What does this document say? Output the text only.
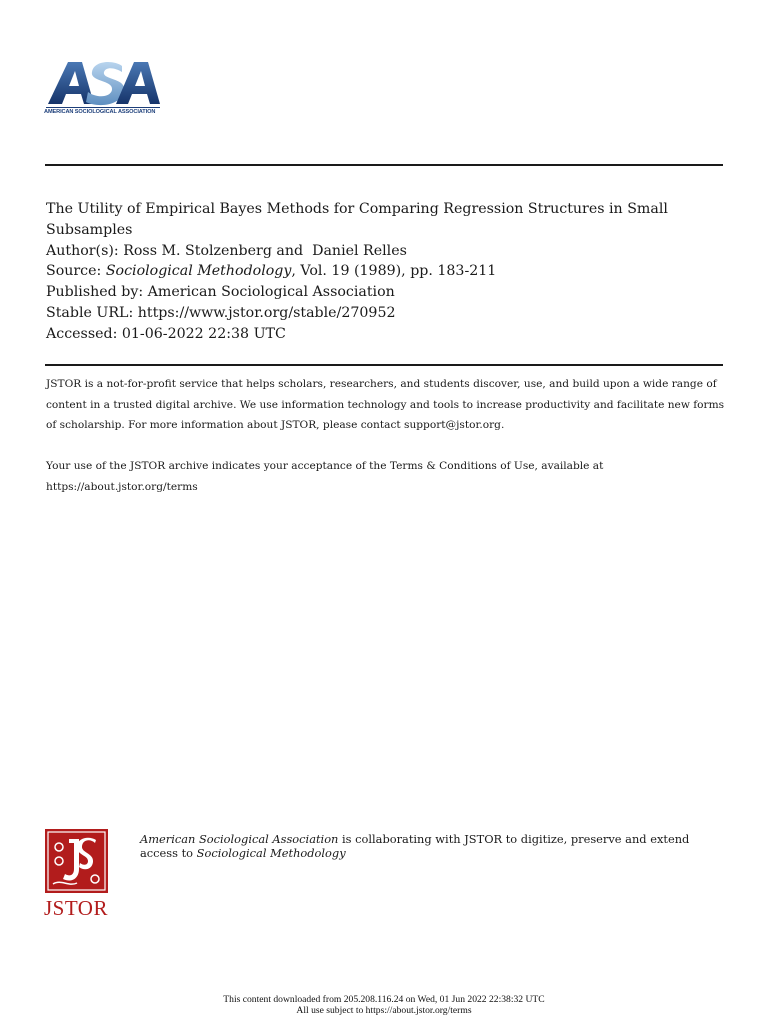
AMERICAN SOCIOLOGICAL ASSOCIATION
The Utility of Empirical Bayes Methods for Comparing Regression Structures in Small Subsamples
Author(s): Ross M. Stolzenberg and  Daniel Relles
Source: Sociological Methodology, Vol. 19 (1989), pp. 183-211
Published by: American Sociological Association
Stable URL: https://www.jstor.org/stable/270952
Accessed: 01-06-2022 22:38 UTC

JSTOR is a not-for-profit service that helps scholars, researchers, and students discover, use, and build upon a wide range of content in a trusted digital archive. We use information technology and tools to increase productivity and facilitate new forms of scholarship. For more information about JSTOR, please contact support@jstor.org.

Your use of the JSTOR archive indicates your acceptance of the Terms & Conditions of Use, available at https://about.jstor.org/terms

JSTOR
American Sociological Association is collaborating with JSTOR to digitize, preserve and extend access to Sociological Methodology
This content downloaded from 205.208.116.24 on Wed, 01 Jun 2022 22:38:32 UTC
All use subject to https://about.jstor.org/terms
